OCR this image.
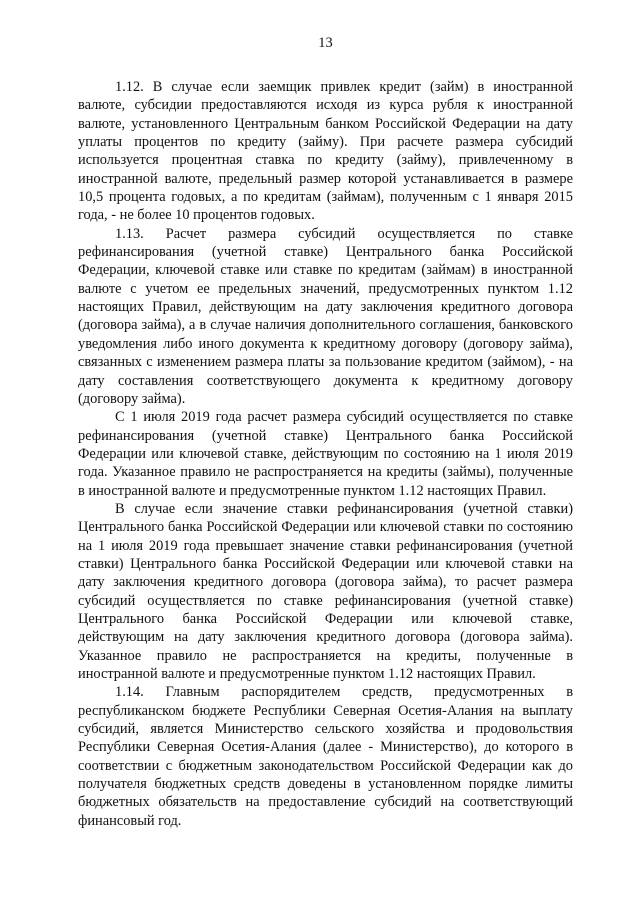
13

1.12. В случае если заемщик привлек кредит (займ) в иностранной валюте, субсидии предоставляются исходя из курса рубля к иностранной валюте, установленного Центральным банком Российской Федерации на дату уплаты процентов по кредиту (займу). При расчете размера субсидий используется процентная ставка по кредиту (займу), привлеченному в иностранной валюте, предельный размер которой устанавливается в размере 10,5 процента годовых, а по кредитам (займам), полученным с 1 января 2015 года, - не более 10 процентов годовых.

1.13. Расчет размера субсидий осуществляется по ставке рефинансирования (учетной ставке) Центрального банка Российской Федерации, ключевой ставке или ставке по кредитам (займам) в иностранной валюте с учетом ее предельных значений, предусмотренных пунктом 1.12 настоящих Правил, действующим на дату заключения кредитного договора (договора займа), а в случае наличия дополнительного соглашения, банковского уведомления либо иного документа к кредитному договору (договору займа), связанных с изменением размера платы за пользование кредитом (займом), - на дату составления соответствующего документа к кредитному договору (договору займа).

С 1 июля 2019 года расчет размера субсидий осуществляется по ставке рефинансирования (учетной ставке) Центрального банка Российской Федерации или ключевой ставке, действующим по состоянию на 1 июля 2019 года. Указанное правило не распространяется на кредиты (займы), полученные в иностранной валюте и предусмотренные пунктом 1.12 настоящих Правил.

В случае если значение ставки рефинансирования (учетной ставки) Центрального банка Российской Федерации или ключевой ставки по состоянию на 1 июля 2019 года превышает значение ставки рефинансирования (учетной ставки) Центрального банка Российской Федерации или ключевой ставки на дату заключения кредитного договора (договора займа), то расчет размера субсидий осуществляется по ставке рефинансирования (учетной ставке) Центрального банка Российской Федерации или ключевой ставке, действующим на дату заключения кредитного договора (договора займа). Указанное правило не распространяется на кредиты, полученные в иностранной валюте и предусмотренные пунктом 1.12 настоящих Правил.

1.14. Главным распорядителем средств, предусмотренных в республиканском бюджете Республики Северная Осетия-Алания на выплату субсидий, является Министерство сельского хозяйства и продовольствия Республики Северная Осетия-Алания (далее - Министерство), до которого в соответствии с бюджетным законодательством Российской Федерации как до получателя бюджетных средств доведены в установленном порядке лимиты бюджетных обязательств на предоставление субсидий на соответствующий финансовый год.
